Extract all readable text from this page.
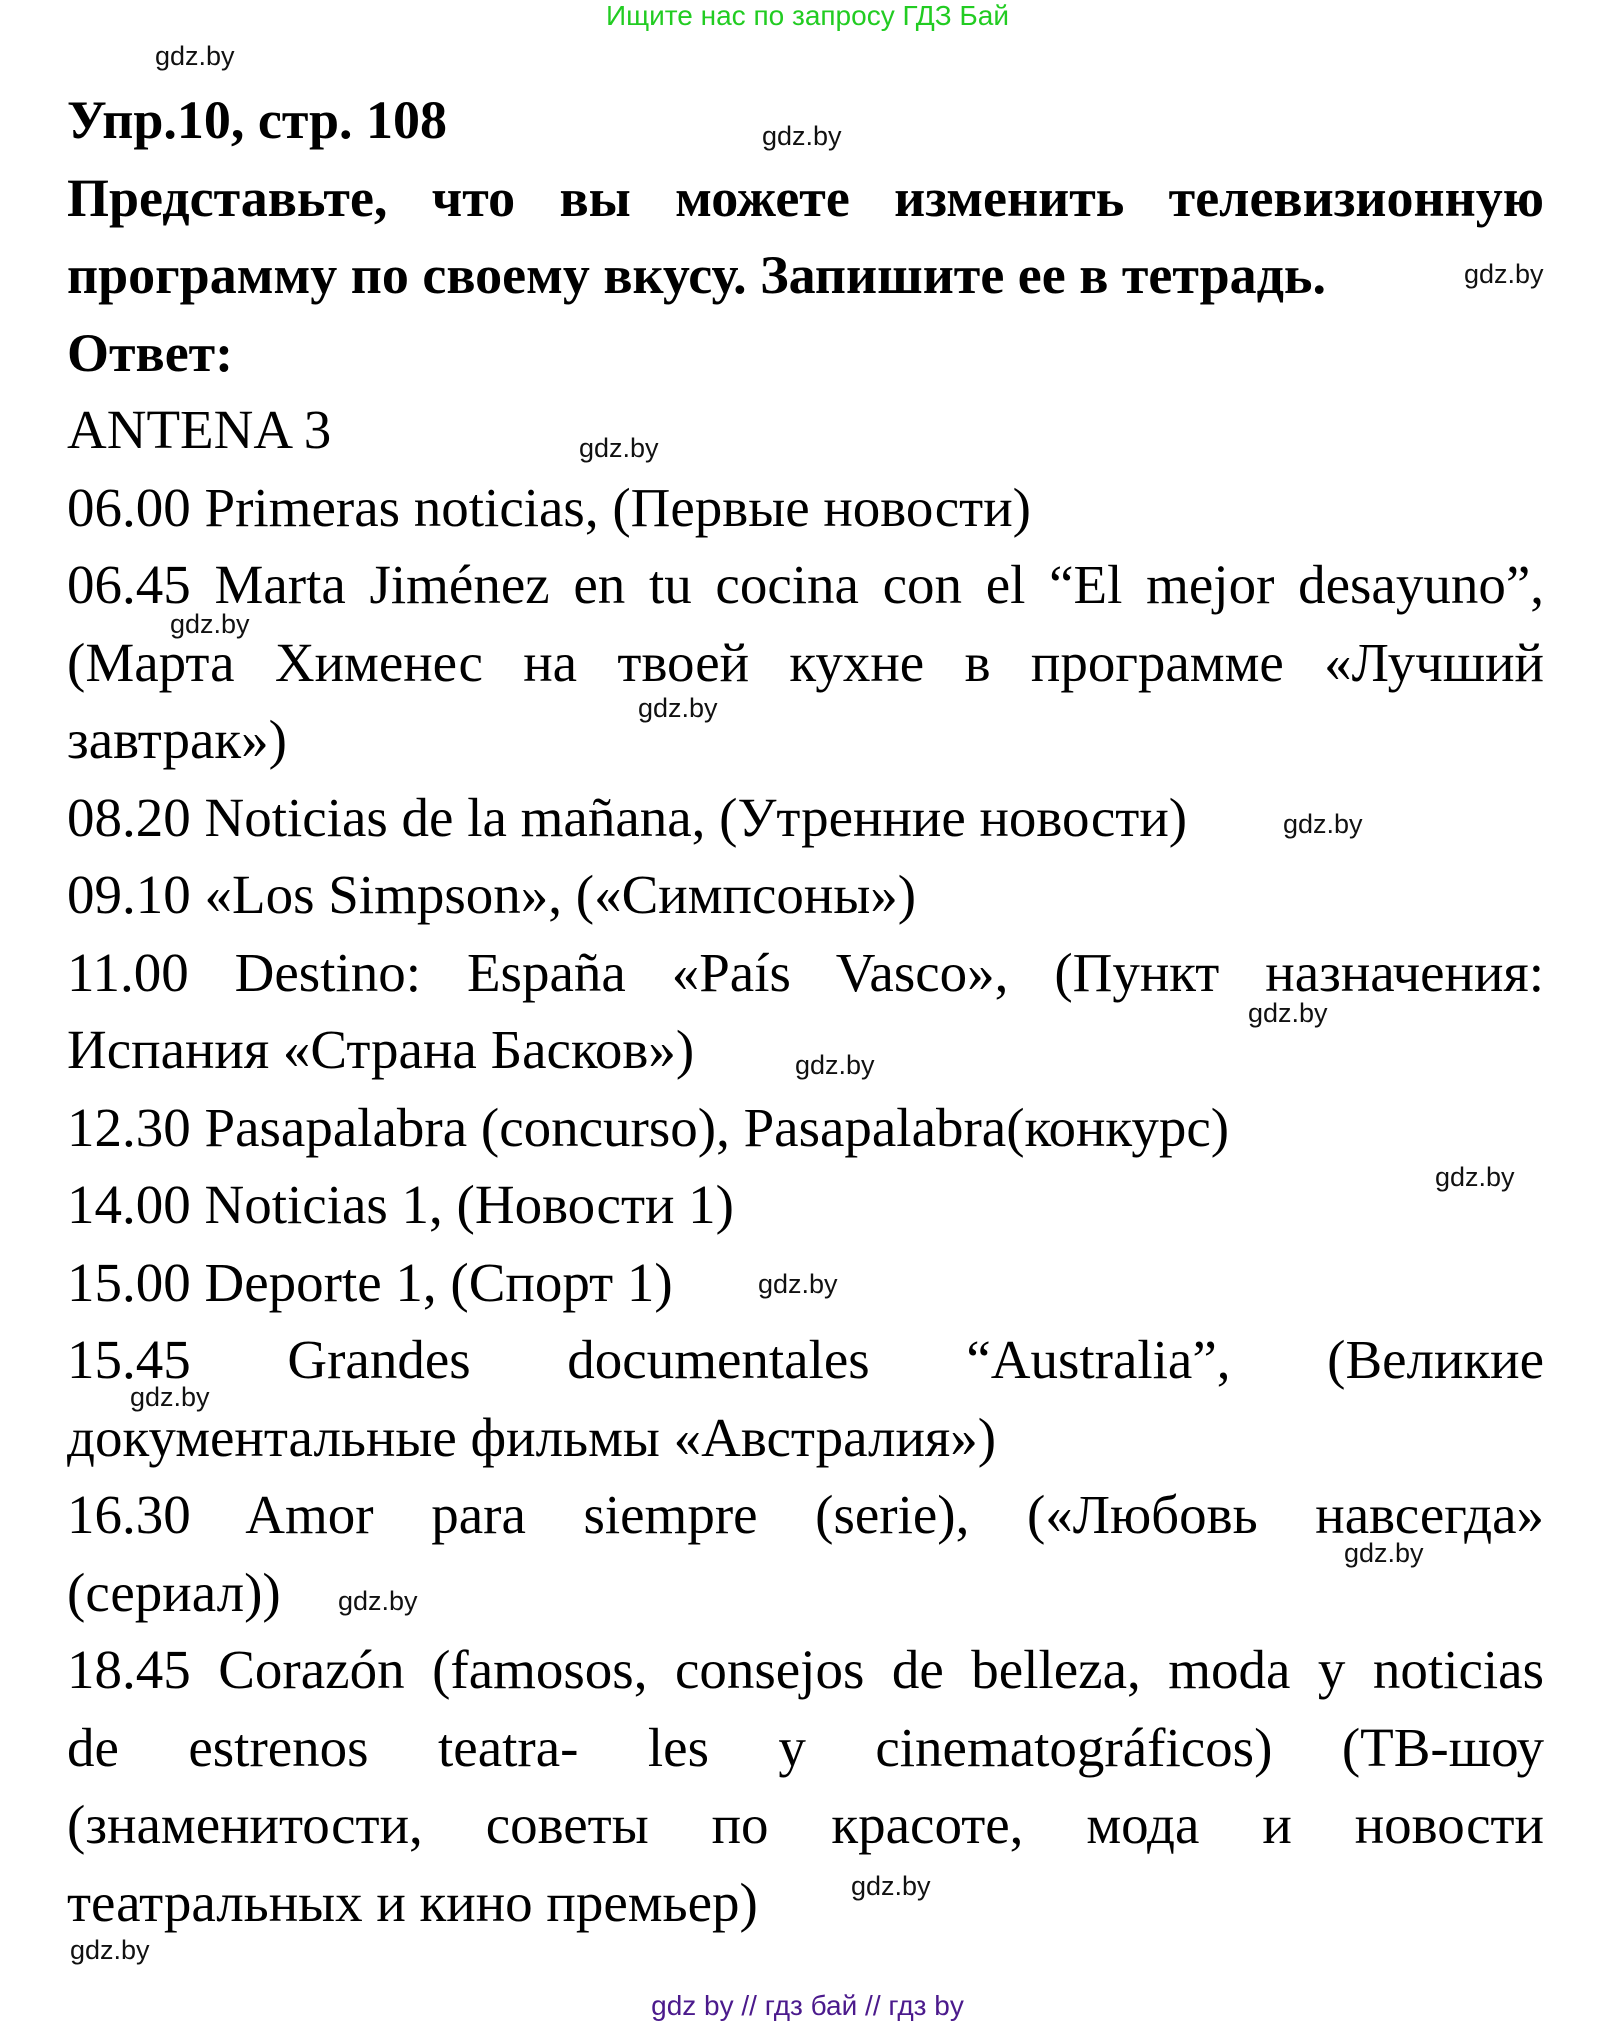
Ищите нас по запросу ГДЗ Бай
Упр.10, стр. 108
Представьте, что вы можете изменить телевизионную
программу по своему вкусу. Запишите ее в тетрадь.
Ответ:
ANTENA 3
06.00 Primeras noticias, (Первые новости)
06.45 Marta Jiménez en tu cocina con el “El mejor desayuno”,
(Марта Хименес на твоей кухне в программе «Лучший
завтрак»)
08.20 Noticias de la mañana, (Утренние новости)
09.10 «Los Simpson», («Симпсоны»)
11.00 Destino: España «País Vasco», (Пункт назначения:
Испания «Страна Басков»)
12.30 Pasapalabra (concurso), Pasapalabra(конкурс)
14.00 Noticias 1, (Новости 1)
15.00 Deporte 1, (Спорт 1)
15.45 Grandes documentales “Australia”, (Великие
документальные фильмы «Австралия»)
16.30 Amor para siempre (serie), («Любовь навсегда»
(сериал))
18.45 Corazón (famosos, consejos de belleza, moda y noticias
de estrenos teatra- les y cinematográficos) (ТВ-шоу
(знаменитости, советы по красоте, мода и новости
театральных и кино премьер)
gdz.by
gdz.by
gdz.by
gdz.by
gdz.by
gdz.by
gdz.by
gdz.by
gdz.by
gdz.by
gdz.by
gdz.by
gdz.by
gdz.by
gdz.by
gdz.by
gdz by // гдз бай // гдз by
